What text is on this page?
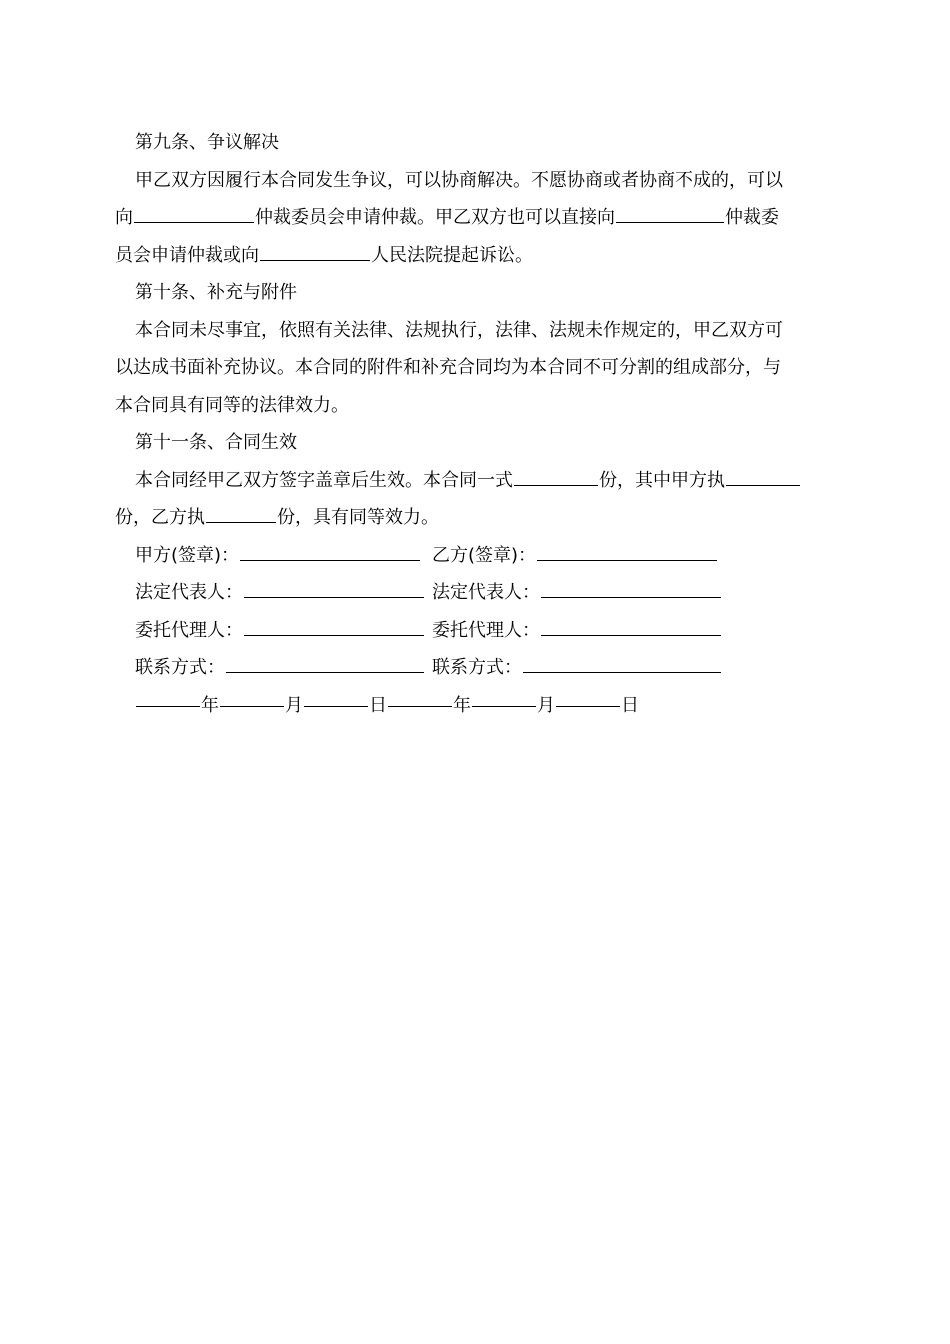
第九条、争议解决
甲乙双方因履行本合同发生争议，可以协商解决。不愿协商或者协商不成的，可以
向	仲裁委员会申请仲裁。甲乙双方也可以直接向	仲裁委
员会申请仲裁或向	人民法院提起诉讼。
第十条、补充与附件
本合同未尽事宜，依照有关法律、法规执行，法律、法规未作规定的，甲乙双方可
以达成书面补充协议。本合同的附件和补充合同均为本合同不可分割的组成部分，与
本合同具有同等的法律效力。
第十一条、合同生效
本合同经甲乙双方签字盖章后生效。本合同一式	份，其中甲方执
份，乙方执	份，具有同等效力。
甲方(签章)：	乙方(签章)：
法定代表人：	法定代表人：
委托代理人：	委托代理人：
联系方式：	联系方式：
年	月	日	年	月	日
